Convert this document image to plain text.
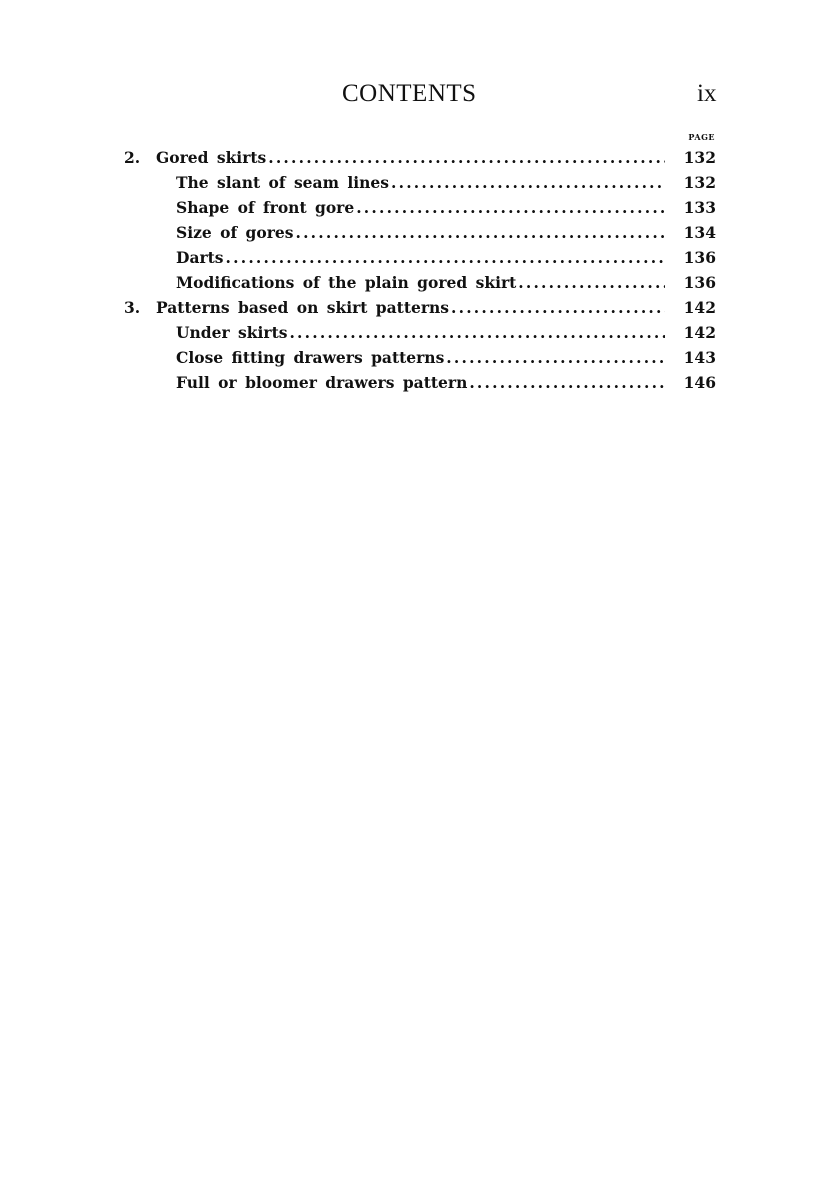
CONTENTS	ix
PAGE
2.	Gored skirts . . .	132
The slant of seam lines . . .	132
Shape of front gore . . .	133
Size of gores . . .	134
Darts . . .	136
Modifications of the plain gored skirt . . .	136
3.	Patterns based on skirt patterns . . .	142
Under skirts . . .	142
Close fitting drawers patterns . . .	143
Full or bloomer drawers pattern . . .	146
